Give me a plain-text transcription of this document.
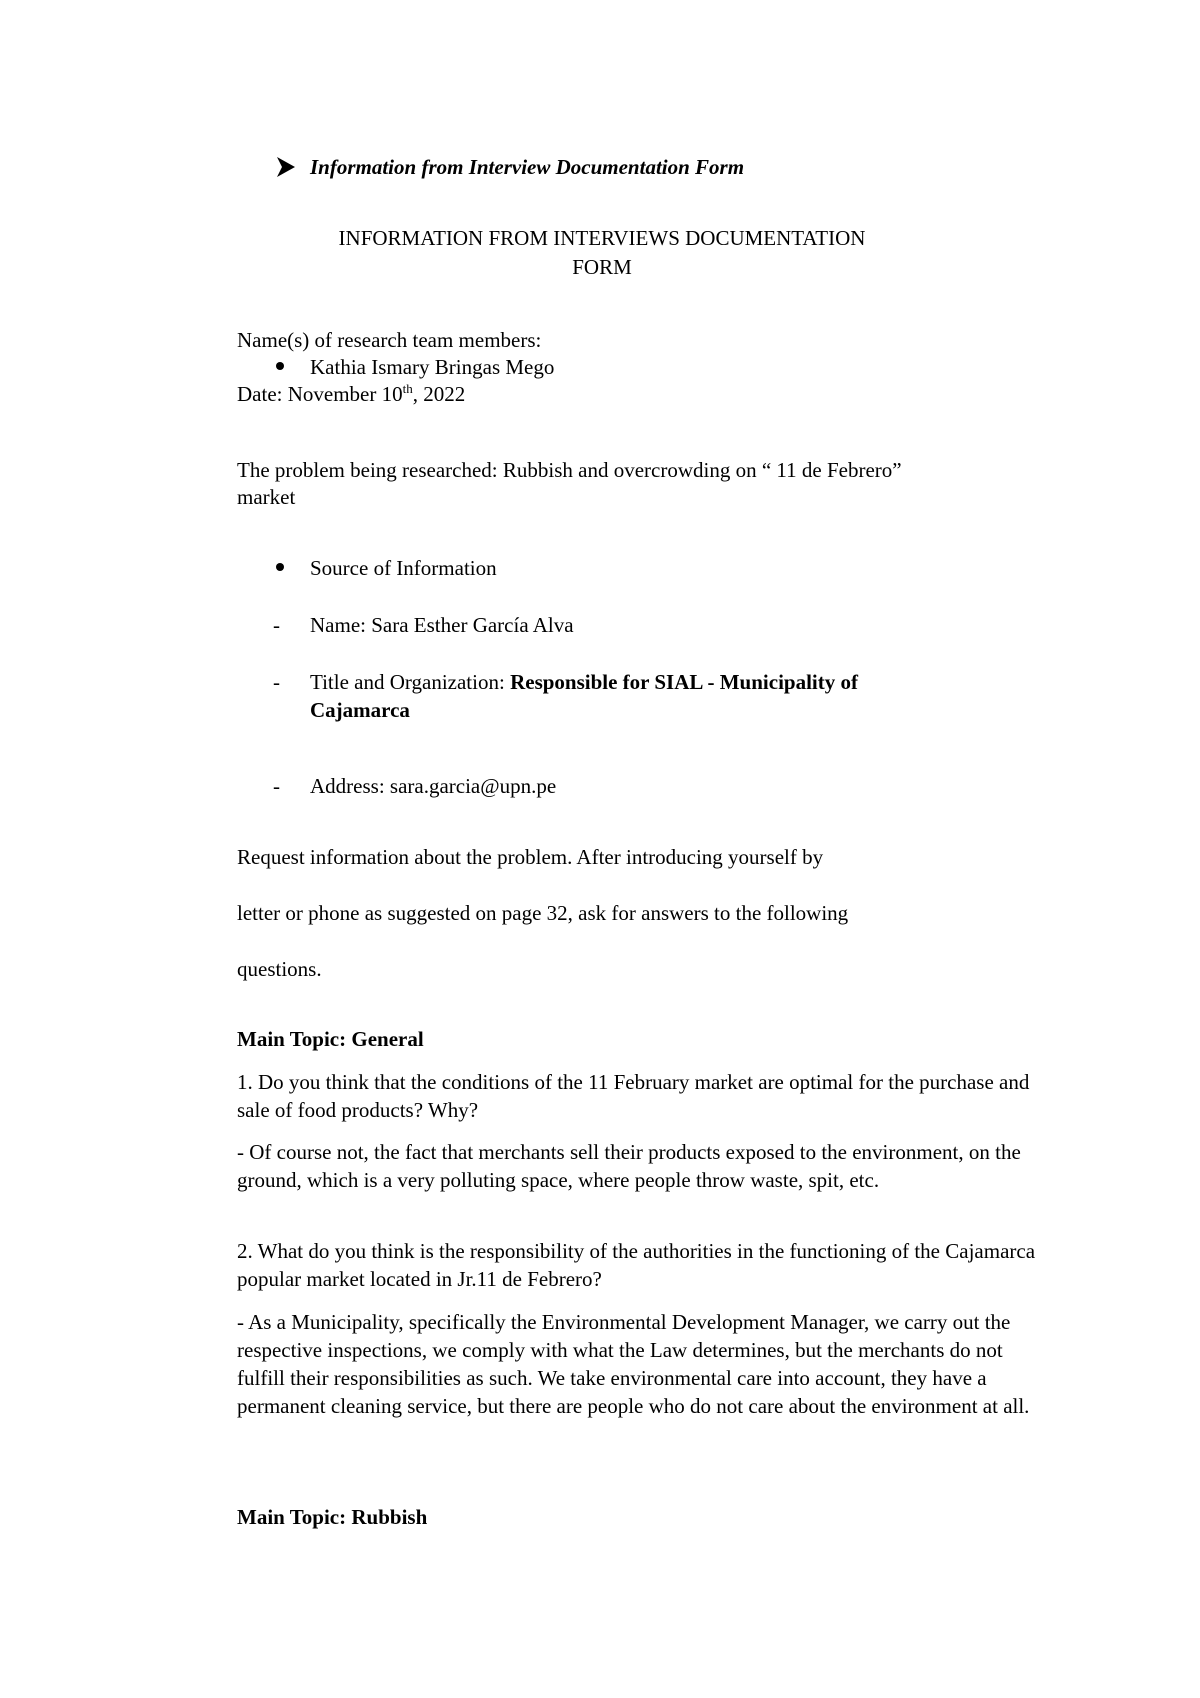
Information from Interview Documentation Form
INFORMATION FROM INTERVIEWS DOCUMENTATION
FORM
Name(s) of research team members:
Kathia Ismary Bringas Mego
Date: November 10th, 2022
The problem being researched: Rubbish and overcrowding on “ 11 de Febrero”
market
Source of Information
- Name: Sara Esther García Alva
- Title and Organization: Responsible for SIAL - Municipality of
Cajamarca
- Address: sara.garcia@upn.pe
Request information about the problem. After introducing yourself by
letter or phone as suggested on page 32, ask for answers to the following
questions.
Main Topic: General
1. Do you think that the conditions of the 11 February market are optimal for the purchase and sale of food products? Why?
- Of course not, the fact that merchants sell their products exposed to the environment, on the ground, which is a very polluting space, where people throw waste, spit, etc.
2. What do you think is the responsibility of the authorities in the functioning of the Cajamarca popular market located in Jr.11 de Febrero?
- As a Municipality, specifically the Environmental Development Manager, we carry out the respective inspections, we comply with what the Law determines, but the merchants do not fulfill their responsibilities as such. We take environmental care into account, they have a permanent cleaning service, but there are people who do not care about the environment at all.
Main Topic: Rubbish
